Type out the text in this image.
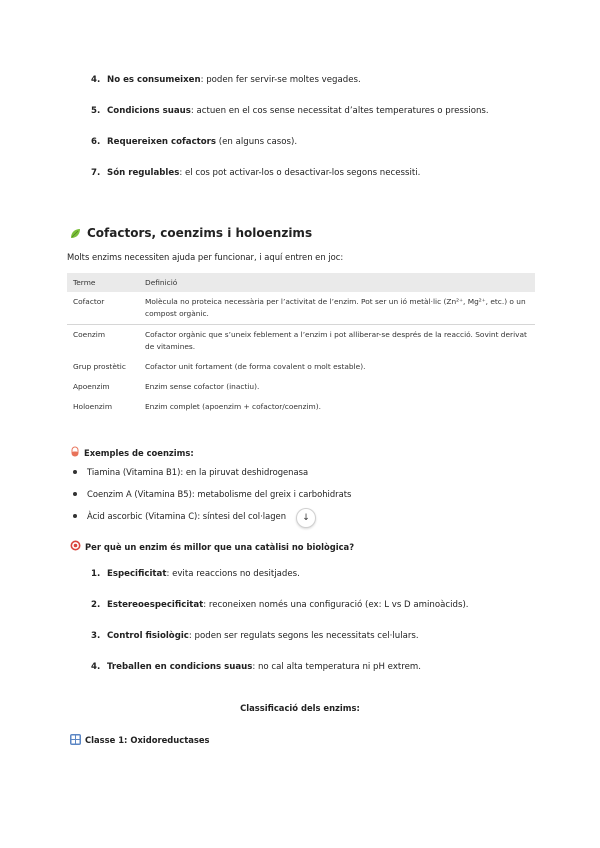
4. No es consumeixen: poden fer servir-se moltes vegades.
5. Condicions suaus: actuen en el cos sense necessitat d’altes temperatures o pressions.
6. Requereixen cofactors (en alguns casos).
7. Són regulables: el cos pot activar-los o desactivar-los segons necessiti.
Cofactors, coenzims i holoenzims
Molts enzims necessiten ajuda per funcionar, i aquí entren en joc:
Terme	Definició
Cofactor	Molècula no proteica necessària per l’activitat de l’enzim. Pot ser un ió metàl·lic (Zn²⁺, Mg²⁺, etc.) o un compost orgànic.
Coenzim	Cofactor orgànic que s’uneix feblement a l’enzim i pot alliberar-se després de la reacció. Sovint derivat de vitamines.
Grup prostètic	Cofactor unit fortament (de forma covalent o molt estable).
Apoenzim	Enzim sense cofactor (inactiu).
Holoenzim	Enzim complet (apoenzim + cofactor/coenzim).
Exemples de coenzims:
Tiamina (Vitamina B1): en la piruvat deshidrogenasa
Coenzim A (Vitamina B5): metabolisme del greix i carbohidrats
Àcid ascorbic (Vitamina C): síntesi del col·lagen ↓
Per què un enzim és millor que una catàlisi no biològica?
1. Especificitat: evita reaccions no desitjades.
2. Estereoespecificitat: reconeixen només una configuració (ex: L vs D aminoàcids).
3. Control fisiològic: poden ser regulats segons les necessitats cel·lulars.
4. Treballen en condicions suaus: no cal alta temperatura ni pH extrem.
Classificació dels enzims:
Classe 1: Oxidoreductases
